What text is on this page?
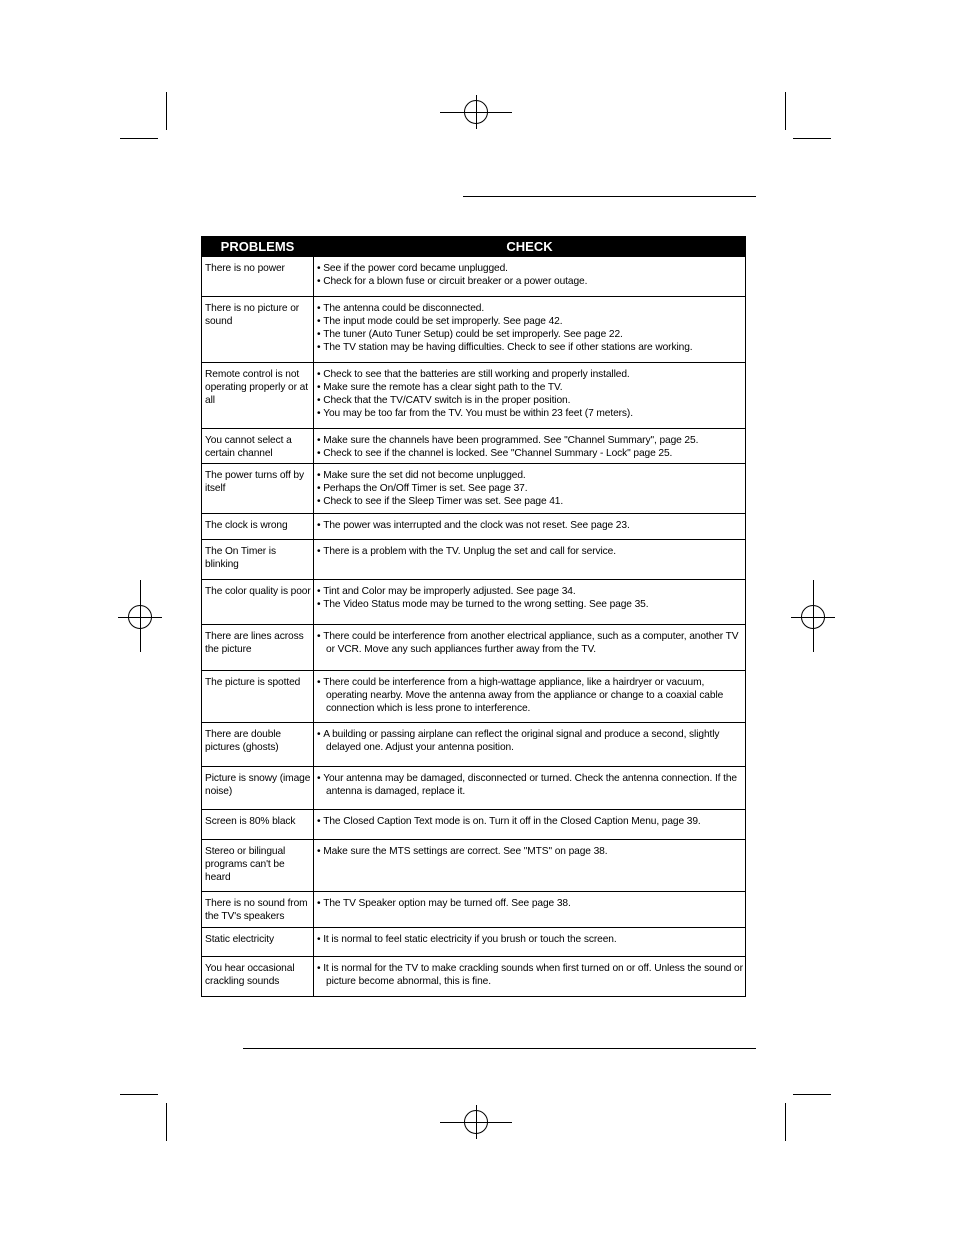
PROBLEMS	CHECK
There is no power	• See if the power cord became unplugged.
• Check for a blown fuse or circuit breaker or a power outage.

There is no picture or sound	• The antenna could be disconnected.
• The input mode could be set improperly. See page 42.
• The tuner (Auto Tuner Setup) could be set improperly. See page 22.
• The TV station may be having difficulties. Check to see if other stations are working.

Remote control is not operating properly or at all	• Check to see that the batteries are still working and properly installed.
• Make sure the remote has a clear sight path to the TV.
• Check that the TV/CATV switch is in the proper position.
• You may be too far from the TV. You must be within 23 feet (7 meters).

You cannot select a certain channel	• Make sure the channels have been programmed. See "Channel Summary", page 25.
• Check to see if the channel is locked. See "Channel Summary - Lock" page 25.

The power turns off by itself	• Make sure the set did not become unplugged.
• Perhaps the On/Off Timer is set. See page 37.
• Check to see if the Sleep Timer was set. See page 41.

The clock is wrong	• The power was interrupted and the clock was not reset. See page 23.

The On Timer is blinking	• There is a problem with the TV. Unplug the set and call for service.

The color quality is poor	• Tint and Color may be improperly adjusted. See page 34.
• The Video Status mode may be turned to the wrong setting. See page 35.

There are lines across the picture	• There could be interference from another electrical appliance, such as a computer, another TV or VCR. Move any such appliances further away from the TV.

The picture is spotted	• There could be interference from a high-wattage appliance, like a hairdryer or vacuum, operating nearby. Move the antenna away from the appliance or change to a coaxial cable connection which is less prone to interference.

There are double pictures (ghosts)	• A building or passing airplane can reflect the original signal and produce a second, slightly delayed one. Adjust your antenna position.

Picture is snowy (image noise)	• Your antenna may be damaged, disconnected or turned. Check the antenna connection. If the antenna is damaged, replace it.

Screen is 80% black	• The Closed Caption Text mode is on. Turn it off in the Closed Caption Menu, page 39.

Stereo or bilingual programs can't be heard	• Make sure the MTS settings are correct. See "MTS" on page 38.

There is no sound from the TV's speakers	• The TV Speaker option may be turned off. See page 38.

Static electricity	• It is normal to feel static electricity if you brush or touch the screen.

You hear occasional crackling sounds	• It is normal for the TV to make crackling sounds when first turned on or off. Unless the sound or picture become abnormal, this is fine.
